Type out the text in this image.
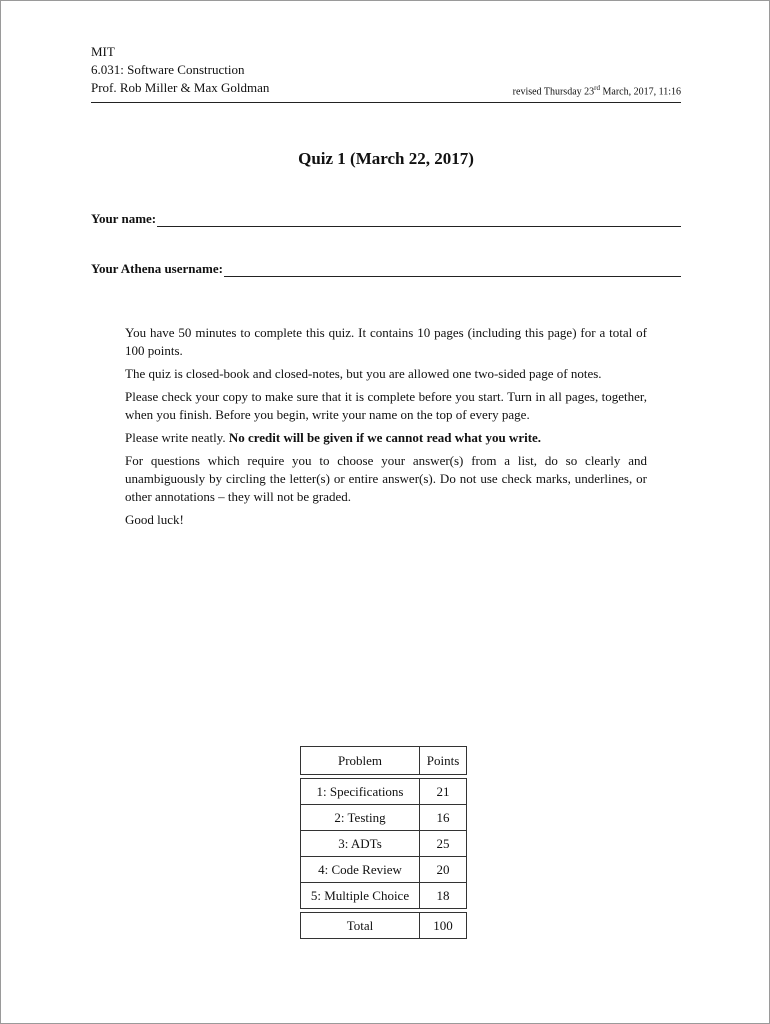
MIT
6.031: Software Construction
Prof. Rob Miller & Max Goldman	revised Thursday 23rd March, 2017, 11:16
Quiz 1 (March 22, 2017)
Your name:
Your Athena username:

You have 50 minutes to complete this quiz. It contains 10 pages (including this page) for a total of 100 points.

The quiz is closed-book and closed-notes, but you are allowed one two-sided page of notes.

Please check your copy to make sure that it is complete before you start. Turn in all pages, together, when you finish. Before you begin, write your name on the top of every page.

Please write neatly. No credit will be given if we cannot read what you write.

For questions which require you to choose your answer(s) from a list, do so clearly and unambiguously by circling the letter(s) or entire answer(s). Do not use check marks, underlines, or other annotations – they will not be graded.

Good luck!

Problem	Points

1: Specifications	21
2: Testing	16
3: ADTs	25
4: Code Review	20
5: Multiple Choice	18

Total	100
